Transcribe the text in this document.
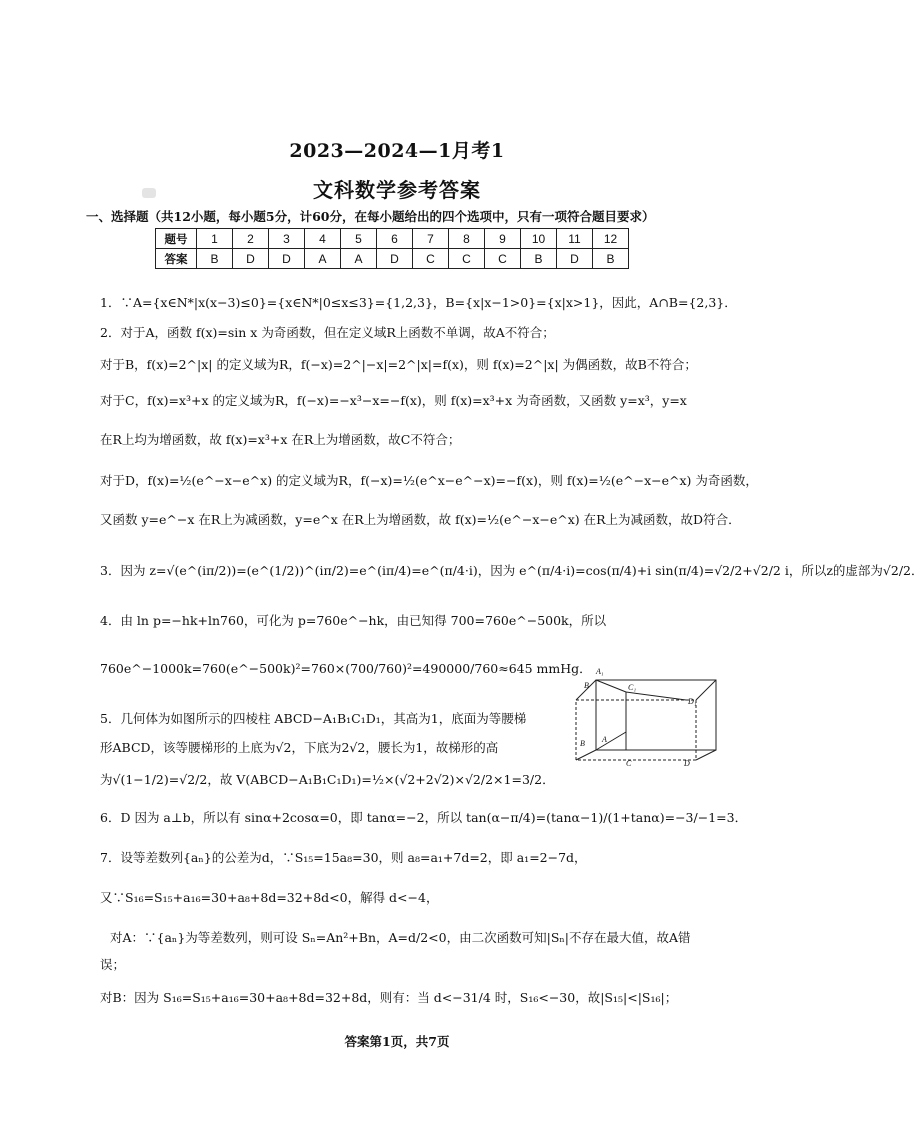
2023—2024—1月考1
文科数学参考答案
一、选择题（共12小题，每小题5分，计60分，在每小题给出的四个选项中，只有一项符合题目要求）
题号	1	2	3	4	5	6	7	8	9	10	11	12
答案	B	D	D	A	A	D	C	C	C	B	D	B
1．∵A={x∈N*|x(x−3)≤0}={x∈N*|0≤x≤3}={1,2,3}，B={x|x−1>0}={x|x>1}，因此，A∩B={2,3}．
2．对于A，函数 f(x)=sin x 为奇函数，但在定义域R上函数不单调，故A不符合；
对于B，f(x)=2^|x| 的定义域为R，f(−x)=2^|−x|=2^|x|=f(x)，则 f(x)=2^|x| 为偶函数，故B不符合；
对于C，f(x)=x³+x 的定义域为R，f(−x)=−x³−x=−f(x)，则 f(x)=x³+x 为奇函数，又函数 y=x³，y=x
在R上均为增函数，故 f(x)=x³+x 在R上为增函数，故C不符合；
对于D，f(x)=½(e^−x−e^x) 的定义域为R，f(−x)=½(e^x−e^−x)=−f(x)，则 f(x)=½(e^−x−e^x) 为奇函数，
又函数 y=e^−x 在R上为减函数，y=e^x 在R上为增函数，故 f(x)=½(e^−x−e^x) 在R上为减函数，故D符合．
3．因为 z=√(e^(iπ/2))=(e^(1/2))^(iπ/2)=e^(iπ/4)=e^(π/4·i)，因为 e^(π/4·i)=cos(π/4)+i sin(π/4)=√2/2+√2/2 i，所以z的虚部为√2/2．
4．由 ln p=−hk+ln760，可化为 p=760e^−hk，由已知得 700=760e^−500k，所以
760e^−1000k=760(e^−500k)²=760×(700/760)²=490000/760≈645 mmHg．
5．几何体为如图所示的四棱柱 ABCD−A₁B₁C₁D₁，其高为1，底面为等腰梯
形ABCD，该等腰梯形的上底为√2，下底为2√2，腰长为1，故梯形的高
为√(1−1/2)=√2/2，故 V(ABCD−A₁B₁C₁D₁)=½×(√2+2√2)×√2/2×1=3/2．
6．D 因为 a⊥b，所以有 sinα+2cosα=0，即 tanα=−2，所以 tan(α−π/4)=(tanα−1)/(1+tanα)=−3/−1=3．
7．设等差数列{aₙ}的公差为d，∵S₁₅=15a₈=30，则 a₈=a₁+7d=2，即 a₁=2−7d，
又∵S₁₆=S₁₅+a₁₆=30+a₈+8d=32+8d<0，解得 d<−4，
对A：∵{aₙ}为等差数列，则可设 Sₙ=An²+Bn，A=d/2<0，由二次函数可知|Sₙ|不存在最大值，故A错
误；
对B：因为 S₁₆=S₁₅+a₁₆=30+a₈+8d=32+8d，则有：当 d<−31/4 时，S₁₆<−30，故|S₁₅|<|S₁₆|；
A₁
B	C₁
D₁
B A
C	D
答案第1页，共7页
